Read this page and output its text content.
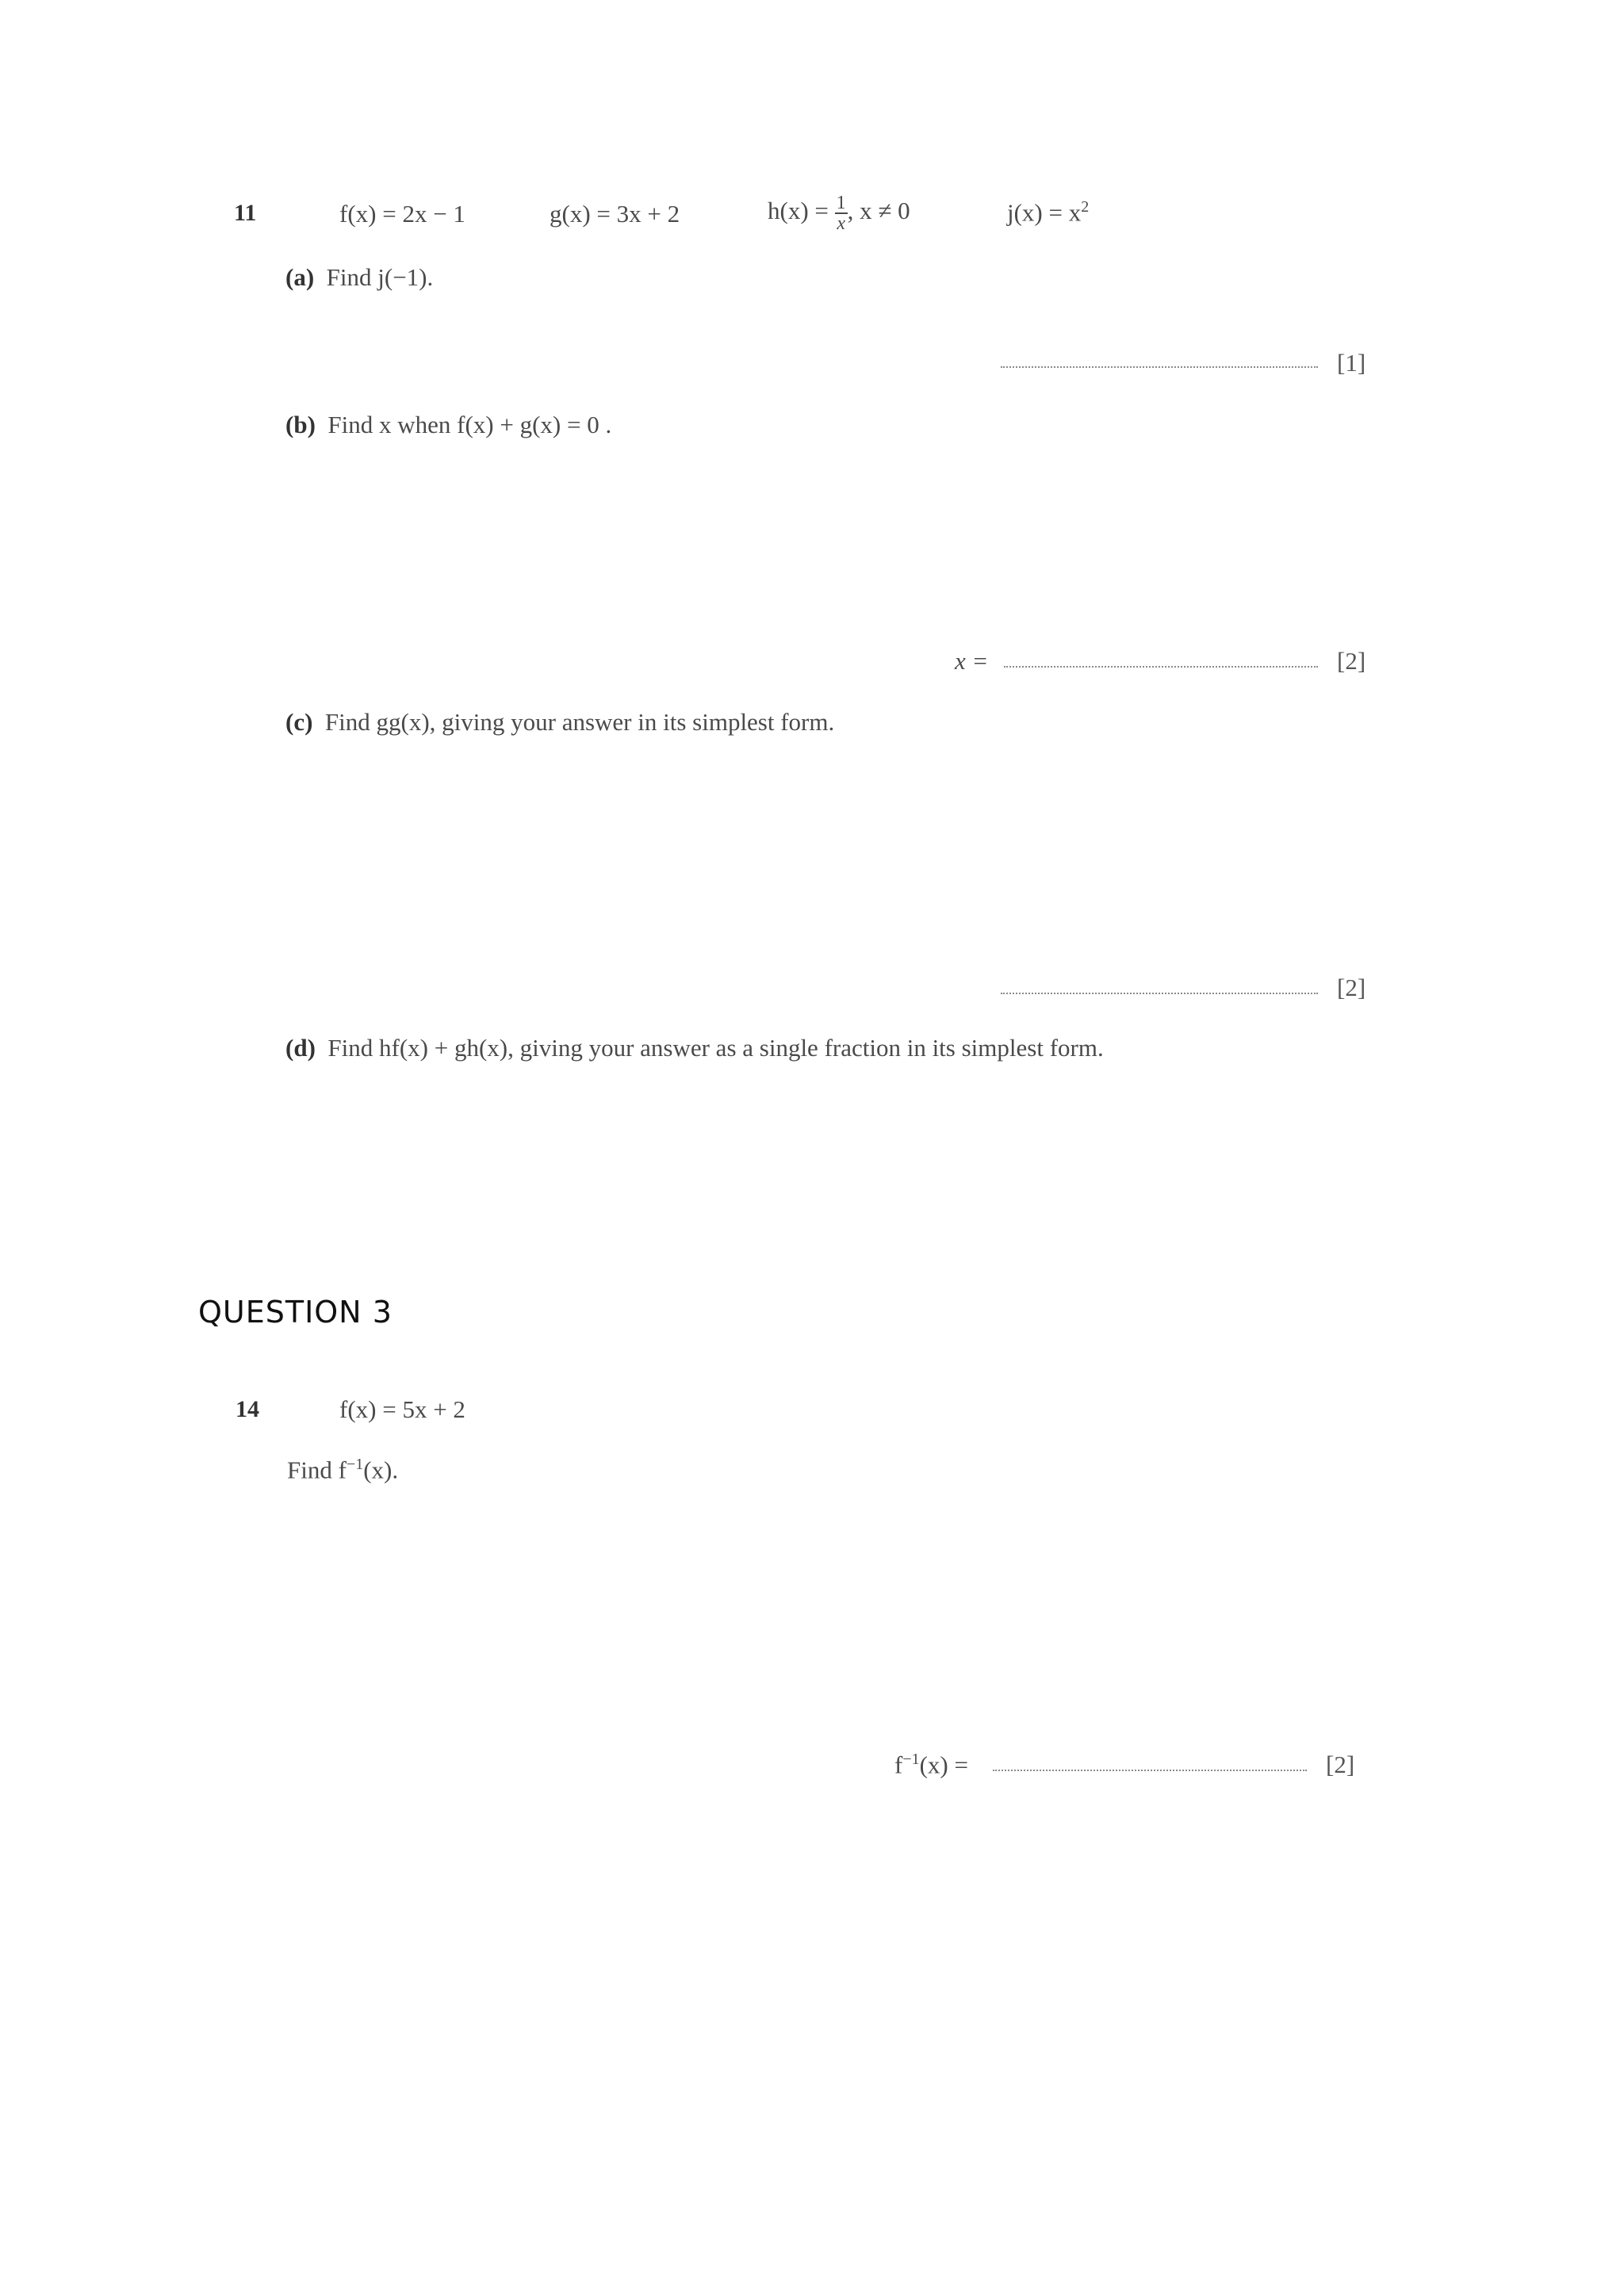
11	f(x) = 2x − 1	g(x) = 3x + 2	$h(x) = \frac{1}{x}$ , x ≠ 0	$j(x) = x^2$
(a) Find j(−1).
[1]
(b) Find x when f(x) + g(x) = 0 .
x =	[2]
(c) Find gg(x), giving your answer in its simplest form.
[2]
(d) Find hf(x) + gh(x), giving your answer as a single fraction in its simplest form.
QUESTION 3
14	f(x) = 5x + 2
Find $f^{-1}(x)$.
$f^{-1}(x)$ =	[2]
